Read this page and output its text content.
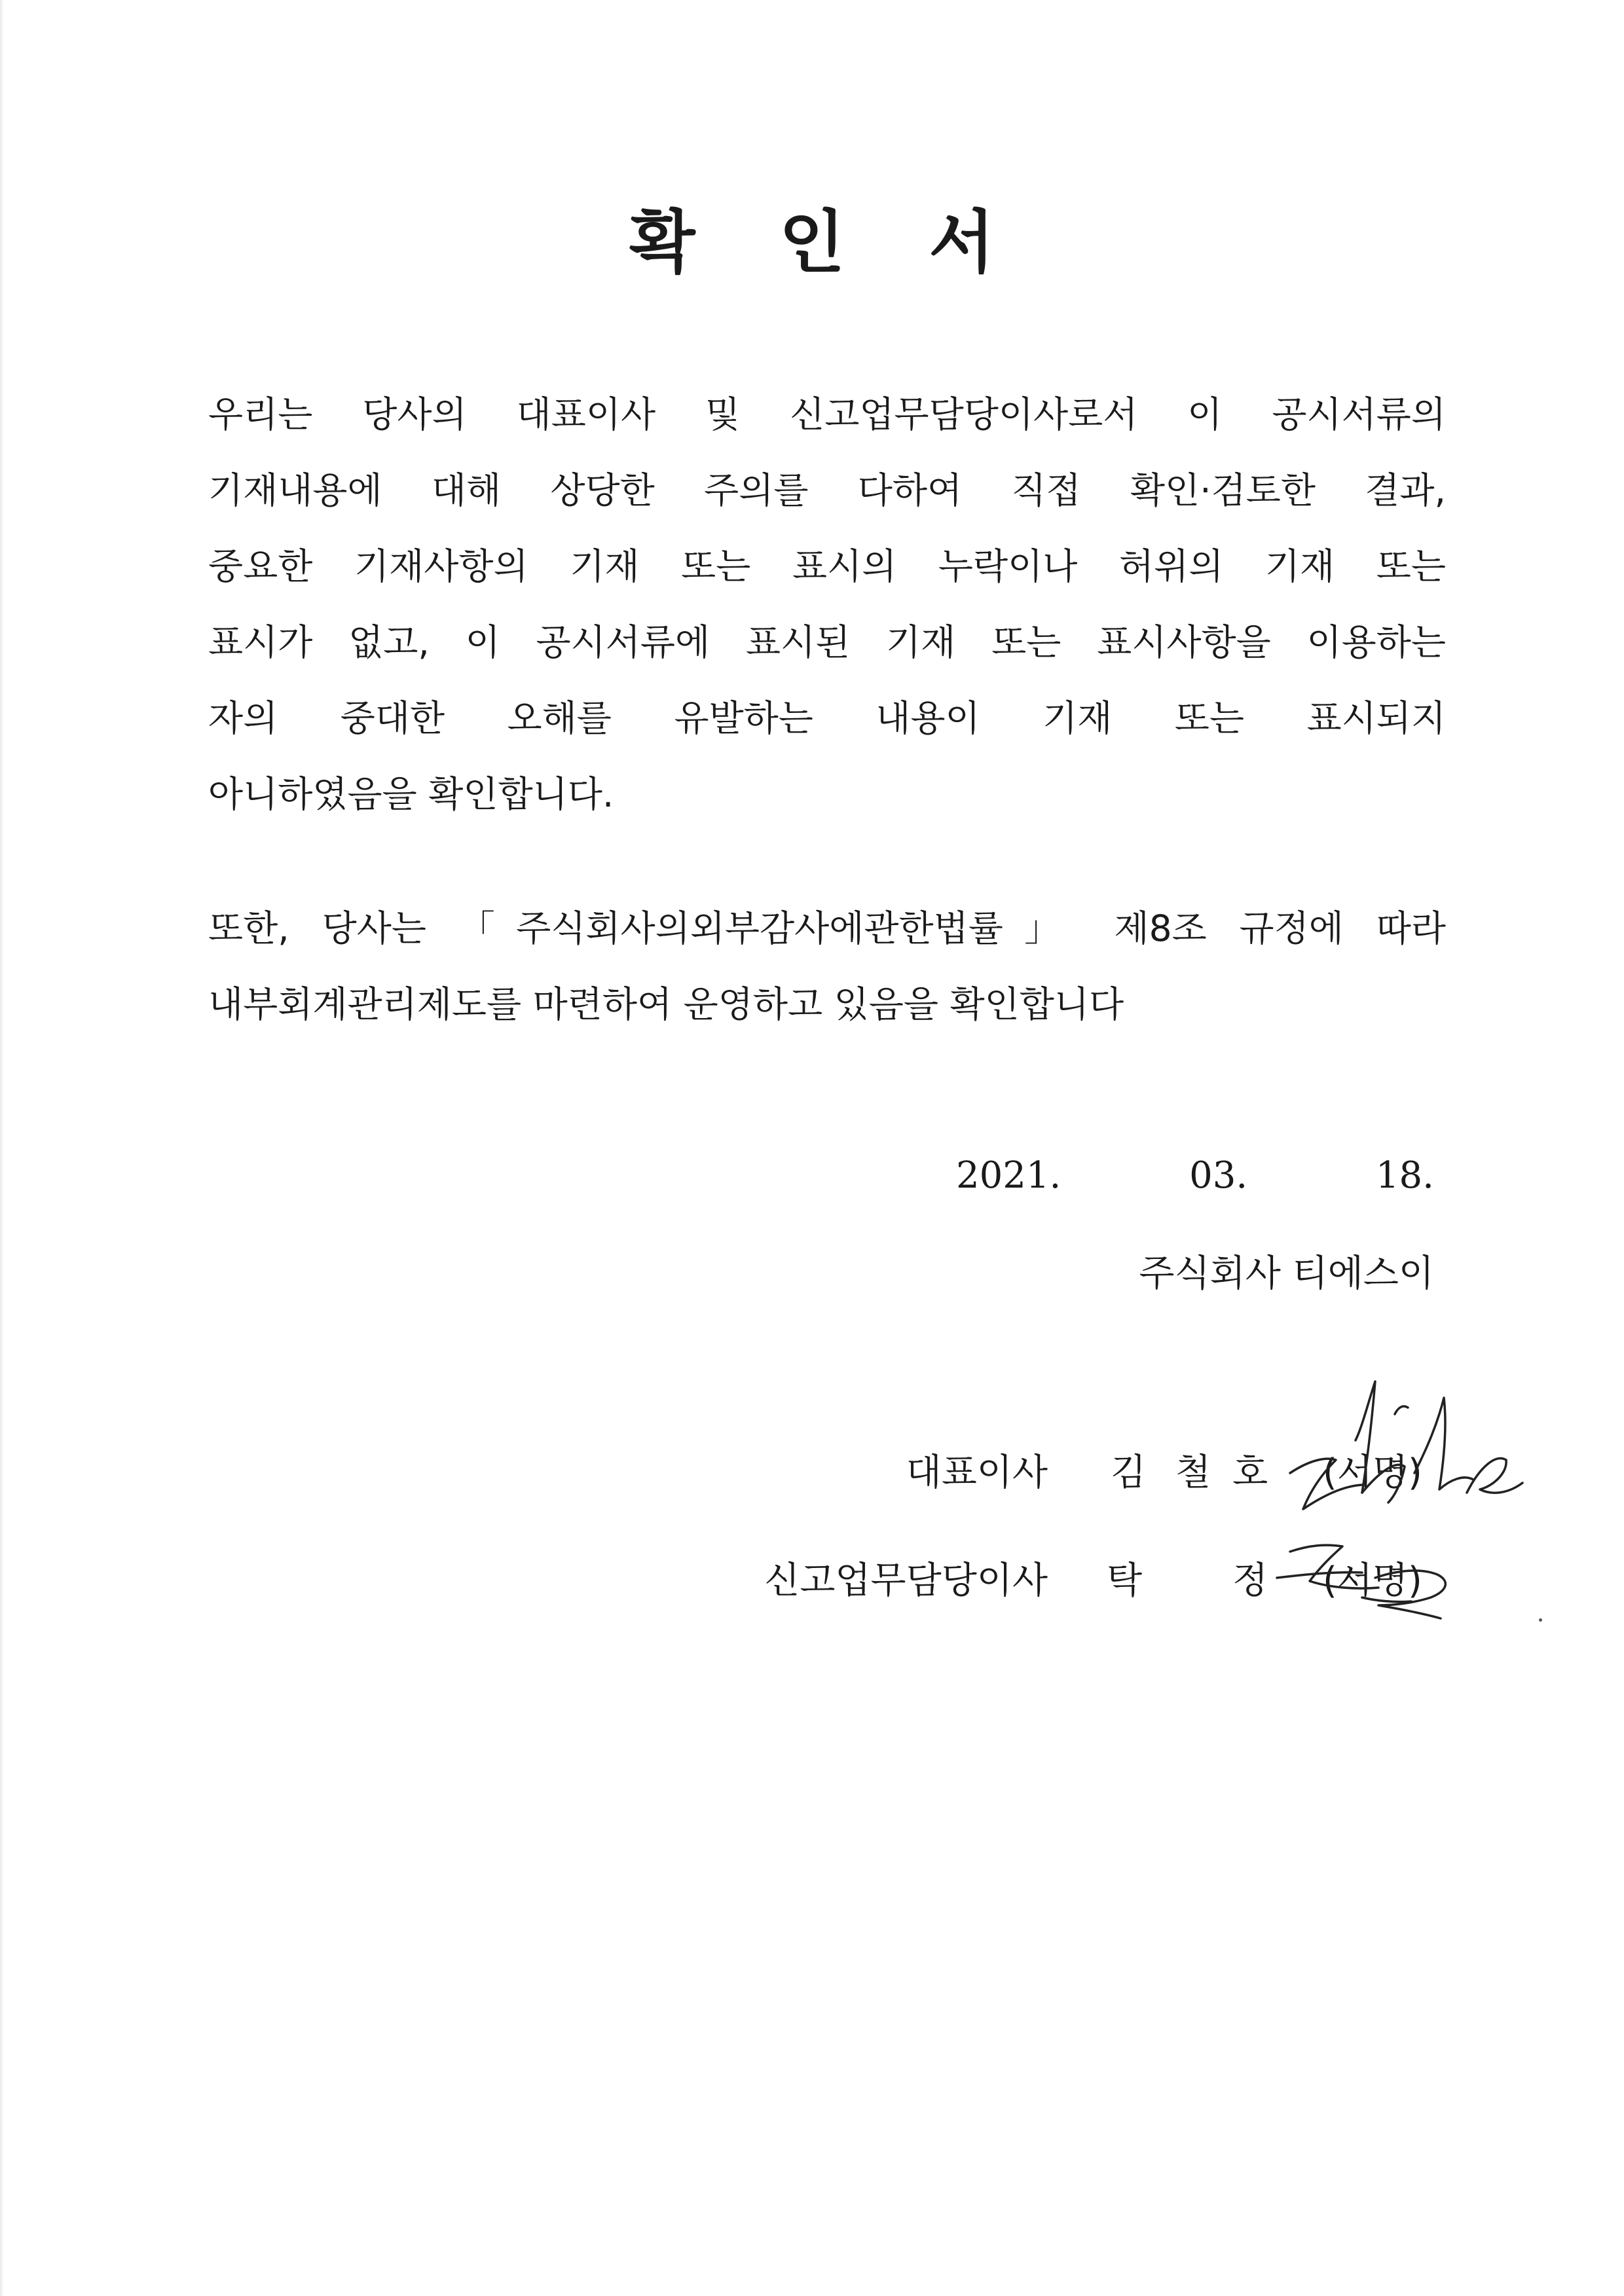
확 인 서
우리는 당사의 대표이사 및 신고업무담당이사로서 이 공시서류의
기재내용에 대해 상당한 주의를 다하여 직접 확인·검토한 결과,
중요한 기재사항의 기재 또는 표시의 누락이나 허위의 기재 또는
표시가 없고, 이 공시서류에 표시된 기재 또는 표시사항을 이용하는
자의 중대한 오해를 유발하는 내용이 기재 또는 표시되지
아니하였음을 확인합니다.
또한, 당사는 「주식회사의외부감사에관한법률」 제8조 규정에 따라
내부회계관리제도를 마련하여 운영하고 있음을 확인합니다
2021.	03.	18.
주식회사 티에스이
대표이사 김 철 호 (서명)
신고업무담당이사 탁 정 (서명)
